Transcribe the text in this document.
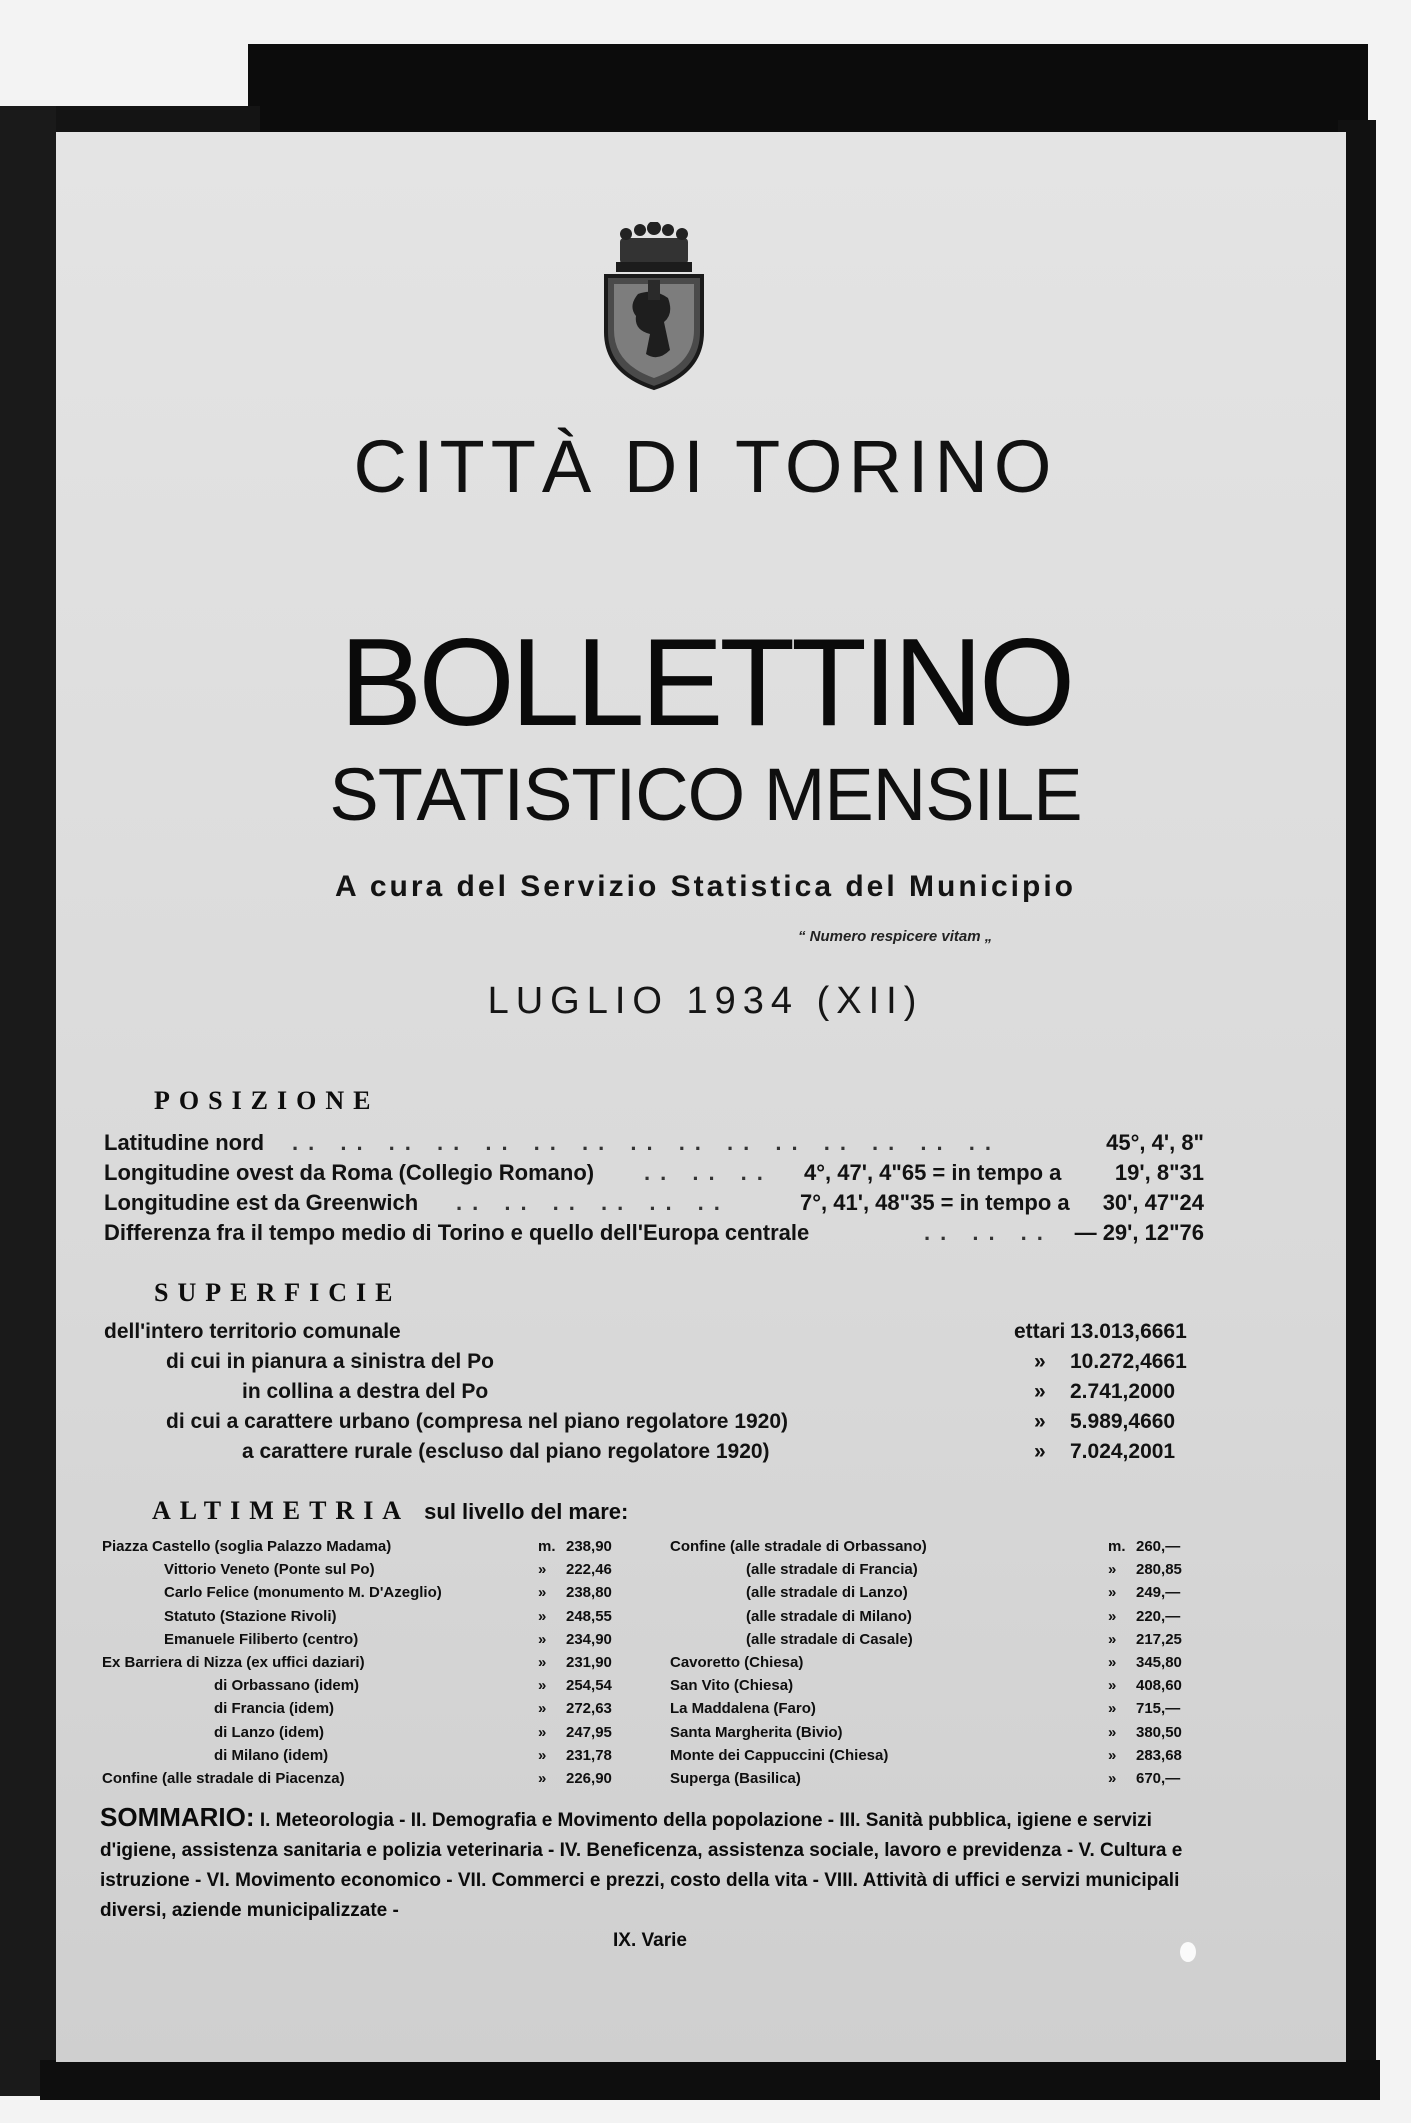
CITTÀ DI TORINO
BOLLETTINO
STATISTICO MENSILE
A cura del Servizio Statistica del Municipio
“ Numero respicere vitam „
LUGLIO 1934 (XII)
POSIZIONE
Latitudine nord .. .. .. .. .. .. .. .. .. .. .. .. .. .. ..	45°, 4', 8"
Longitudine ovest da Roma (Collegio Romano) .. .. .. 4°, 47', 4"65 = in tempo a 19', 8"31
Longitudine est da Greenwich .. .. .. .. .. ..	7°, 41', 48"35 = in tempo a 30', 47"24
Differenza fra il tempo medio di Torino e quello dell'Europa centrale	.. .. .. — 29', 12"76
SUPERFICIE
dell'intero territorio comunale	ettari 13.013,6661
di cui in pianura a sinistra del Po	» 10.272,4661
in collina a destra del Po	» 2.741,2000
di cui a carattere urbano (compresa nel piano regolatore 1920)	» 5.989,4660
a carattere rurale (escluso dal piano regolatore 1920)	» 7.024,2001
ALTIMETRIA sul livello del mare:
Piazza Castello (soglia Palazzo Madama)	m. 238,90
Vittorio Veneto (Ponte sul Po)	» 222,46
Carlo Felice (monumento M. D'Azeglio)	» 238,80
Statuto (Stazione Rivoli)	» 248,55
Emanuele Filiberto (centro)	» 234,90
Ex Barriera di Nizza (ex uffici daziari)	» 231,90
di Orbassano (idem)	» 254,54
di Francia (idem)	» 272,63
di Lanzo (idem)	» 247,95
di Milano (idem)	» 231,78
Confine (alle stradale di Piacenza)	» 226,90
Confine (alle stradale di Orbassano)	m. 260,—
(alle stradale di Francia)	» 280,85
(alle stradale di Lanzo)	» 249,—
(alle stradale di Milano)	» 220,—
(alle stradale di Casale)	» 217,25
Cavoretto (Chiesa)	» 345,80
San Vito (Chiesa)	» 408,60
La Maddalena (Faro)	» 715,—
Santa Margherita (Bivio)	» 380,50
Monte dei Cappuccini (Chiesa)	» 283,68
Superga (Basilica)	» 670,—
SOMMARIO: I. Meteorologia - II. Demografia e Movimento della popolazione - III. Sanità pubblica, igiene e servizi d'igiene, assistenza sanitaria e polizia veterinaria - IV. Beneficenza, assistenza sociale, lavoro e previdenza - V. Cultura e istruzione - VI. Movimento economico - VII. Commerci e prezzi, costo della vita - VIII. Attività di uffici e servizi municipali diversi, aziende municipalizzate -
IX. Varie
